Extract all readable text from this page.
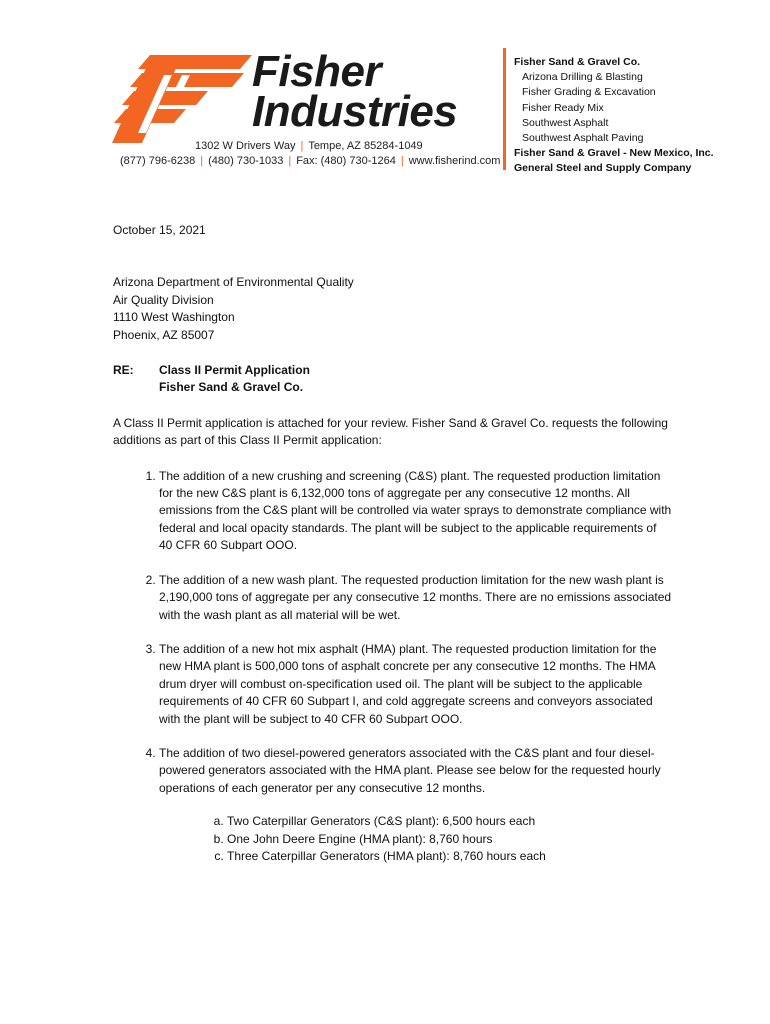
Fisher
Industries
1302 W Drivers Way | Tempe, AZ 85284-1049
(877) 796-6238 | (480) 730-1033 | Fax: (480) 730-1264 | www.fisherind.com
Fisher Sand & Gravel Co.
Arizona Drilling & Blasting
Fisher Grading & Excavation
Fisher Ready Mix
Southwest Asphalt
Southwest Asphalt Paving
Fisher Sand & Gravel - New Mexico, Inc.
General Steel and Supply Company

October 15, 2021

Arizona Department of Environmental Quality

Air Quality Division

1110 West Washington

Phoenix, AZ 85007

RE:	Class II Permit Application
Fisher Sand & Gravel Co.

A Class II Permit application is attached for your review. Fisher Sand & Gravel Co. requests the following additions as part of this Class II Permit application:

1. The addition of a new crushing and screening (C&S) plant. The requested production limitation for the new C&S plant is 6,132,000 tons of aggregate per any consecutive 12 months. All emissions from the C&S plant will be controlled via water sprays to demonstrate compliance with federal and local opacity standards. The plant will be subject to the applicable requirements of 40 CFR 60 Subpart OOO.
2. The addition of a new wash plant. The requested production limitation for the new wash plant is 2,190,000 tons of aggregate per any consecutive 12 months. There are no emissions associated with the wash plant as all material will be wet.
3. The addition of a new hot mix asphalt (HMA) plant. The requested production limitation for the new HMA plant is 500,000 tons of asphalt concrete per any consecutive 12 months. The HMA drum dryer will combust on-specification used oil. The plant will be subject to the applicable requirements of 40 CFR 60 Subpart I, and cold aggregate screens and conveyors associated with the plant will be subject to 40 CFR 60 Subpart OOO.
4. The addition of two diesel-powered generators associated with the C&S plant and four diesel-powered generators associated with the HMA plant. Please see below for the requested hourly operations of each generator per any consecutive 12 months.
a. Two Caterpillar Generators (C&S plant): 6,500 hours each
b. One John Deere Engine (HMA plant): 8,760 hours
c. Three Caterpillar Generators (HMA plant): 8,760 hours each
